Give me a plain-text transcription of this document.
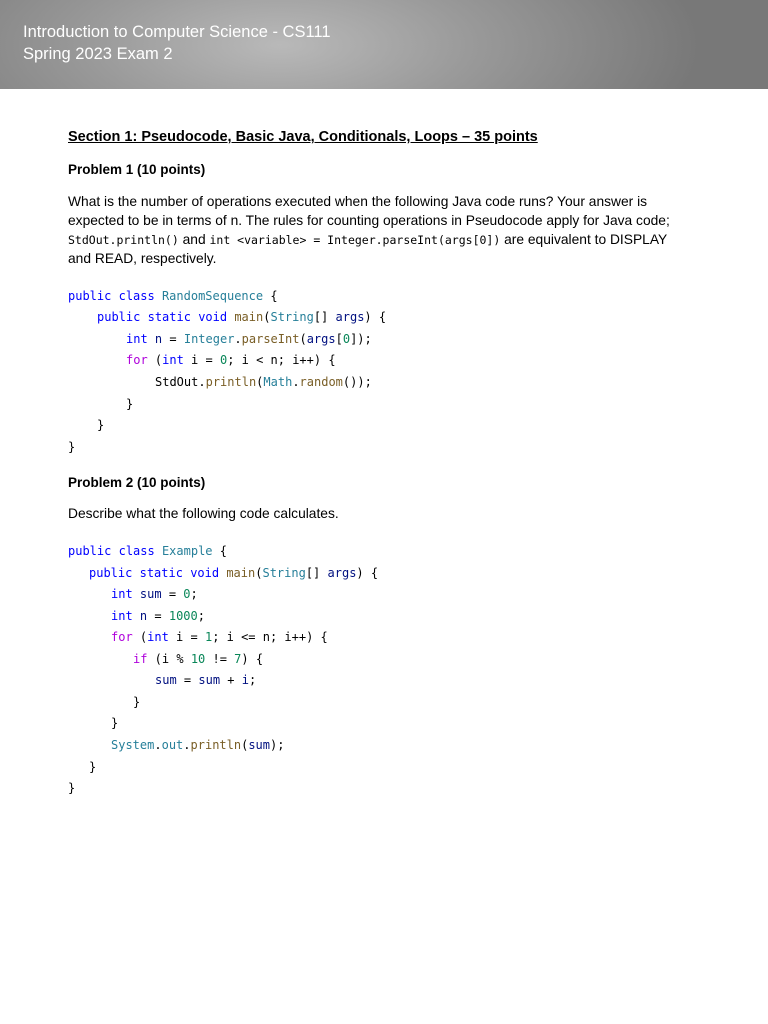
Introduction to Computer Science - CS111
Spring 2023 Exam 2
Section 1: Pseudocode, Basic Java, Conditionals, Loops – 35 points
Problem 1 (10 points)
What is the number of operations executed when the following Java code runs? Your answer is
expected to be in terms of n. The rules for counting operations in Pseudocode apply for Java code;
StdOut.println() and int <variable> = Integer.parseInt(args[0]) are equivalent to DISPLAY
and READ, respectively.

public class RandomSequence {

public static void main(String[] args) {

int n = Integer.parseInt(args[0]);

for (int i = 0; i < n; i++) {

StdOut.println(Math.random());

}

}

}

Problem 2 (10 points)
Describe what the following code calculates.

public class Example {

public static void main(String[] args) {

int sum = 0;

int n = 1000;

for (int i = 1; i <= n; i++) {

if (i % 10 != 7) {

sum = sum + i;

}

}

System.out.println(sum);

}

}
